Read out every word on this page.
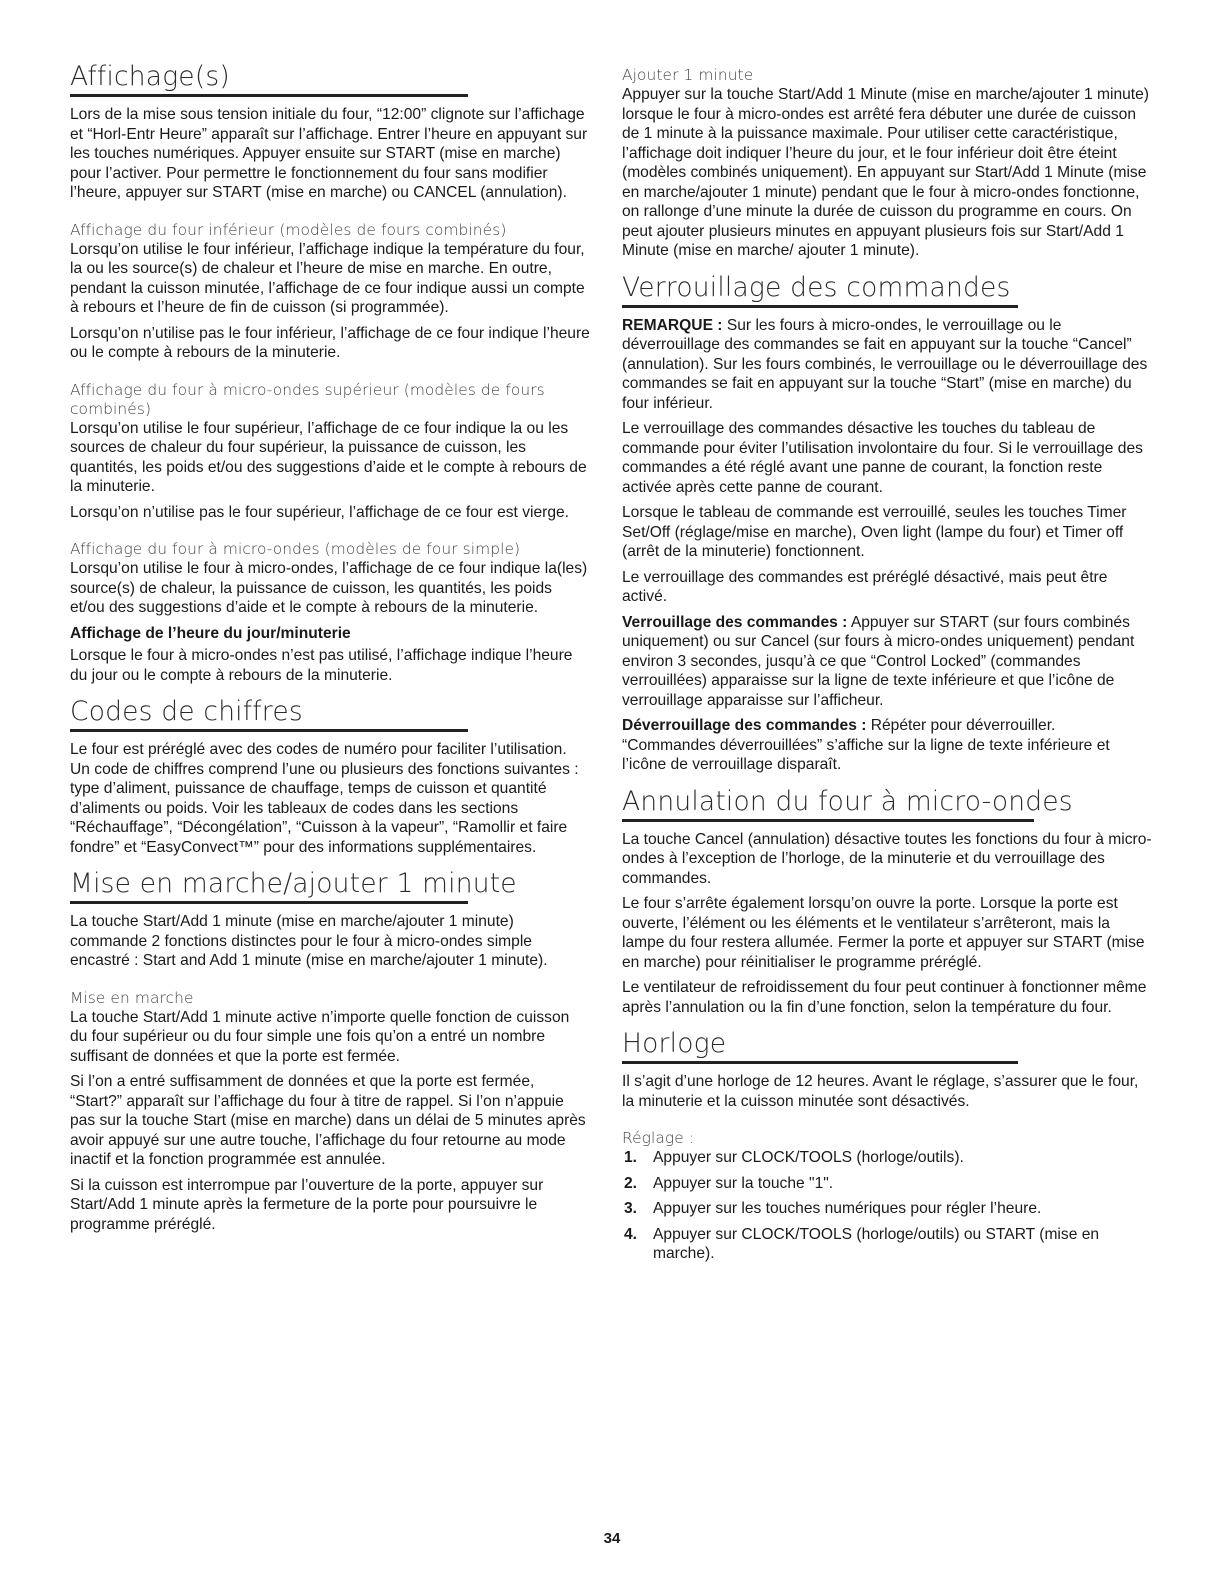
Affichage(s)

Lors de la mise sous tension initiale du four, “12:00” clignote sur l’affichage et “Horl-Entr Heure” apparaît sur l’affichage. Entrer l’heure en appuyant sur les touches numériques. Appuyer ensuite sur START (mise en marche) pour l’activer. Pour permettre le fonctionnement du four sans modifier l’heure, appuyer sur START (mise en marche) ou CANCEL (annulation).

Affichage du four inférieur (modèles de fours combinés)

Lorsqu’on utilise le four inférieur, l’affichage indique la température du four, la ou les source(s) de chaleur et l’heure de mise en marche. En outre, pendant la cuisson minutée, l’affichage de ce four indique aussi un compte à rebours et l’heure de fin de cuisson (si programmée).

Lorsqu’on n’utilise pas le four inférieur, l’affichage de ce four indique l’heure ou le compte à rebours de la minuterie.

Affichage du four à micro-ondes supérieur (modèles de fours combinés)

Lorsqu’on utilise le four supérieur, l’affichage de ce four indique la ou les sources de chaleur du four supérieur, la puissance de cuisson, les quantités, les poids et/ou des suggestions d’aide et le compte à rebours de la minuterie.

Lorsqu’on n’utilise pas le four supérieur, l’affichage de ce four est vierge.

Affichage du four à micro-ondes (modèles de four simple)

Lorsqu’on utilise le four à micro-ondes, l’affichage de ce four indique la(les) source(s) de chaleur, la puissance de cuisson, les quantités, les poids et/ou des suggestions d’aide et le compte à rebours de la minuterie.

Affichage de l’heure du jour/minuterie

Lorsque le four à micro-ondes n’est pas utilisé, l’affichage indique l’heure du jour ou le compte à rebours de la minuterie.

Codes de chiffres

Le four est préréglé avec des codes de numéro pour faciliter l’utilisation. Un code de chiffres comprend l’une ou plusieurs des fonctions suivantes : type d’aliment, puissance de chauffage, temps de cuisson et quantité d’aliments ou poids. Voir les tableaux de codes dans les sections “Réchauffage”, “Décongélation”, “Cuisson à la vapeur”, “Ramollir et faire fondre” et “EasyConvect™” pour des informations supplémentaires.

Mise en marche/ajouter 1 minute

La touche Start/Add 1 minute (mise en marche/ajouter 1 minute) commande 2 fonctions distinctes pour le four à micro-ondes simple encastré : Start and Add 1 minute (mise en marche/ajouter 1 minute).

Mise en marche

La touche Start/Add 1 minute active n’importe quelle fonction de cuisson du four supérieur ou du four simple une fois qu’on a entré un nombre suffisant de données et que la porte est fermée.

Si l’on a entré suffisamment de données et que la porte est fermée, “Start?” apparaît sur l’affichage du four à titre de rappel. Si l’on n’appuie pas sur la touche Start (mise en marche) dans un délai de 5 minutes après avoir appuyé sur une autre touche, l’affichage du four retourne au mode inactif et la fonction programmée est annulée.

Si la cuisson est interrompue par l’ouverture de la porte, appuyer sur Start/Add 1 minute après la fermeture de la porte pour poursuivre le programme préréglé.

Ajouter 1 minute

Appuyer sur la touche Start/Add 1 Minute (mise en marche/ajouter 1 minute) lorsque le four à micro-ondes est arrêté fera débuter une durée de cuisson de 1 minute à la puissance maximale. Pour utiliser cette caractéristique, l’affichage doit indiquer l’heure du jour, et le four inférieur doit être éteint (modèles combinés uniquement). En appuyant sur Start/Add 1 Minute (mise en marche/ajouter 1 minute) pendant que le four à micro-ondes fonctionne, on rallonge d’une minute la durée de cuisson du programme en cours. On peut ajouter plusieurs minutes en appuyant plusieurs fois sur Start/Add 1 Minute (mise en marche/ ajouter 1 minute).

Verrouillage des commandes

REMARQUE : Sur les fours à micro-ondes, le verrouillage ou le déverrouillage des commandes se fait en appuyant sur la touche “Cancel” (annulation). Sur les fours combinés, le verrouillage ou le déverrouillage des commandes se fait en appuyant sur la touche “Start” (mise en marche) du four inférieur.

Le verrouillage des commandes désactive les touches du tableau de commande pour éviter l’utilisation involontaire du four. Si le verrouillage des commandes a été réglé avant une panne de courant, la fonction reste activée après cette panne de courant.

Lorsque le tableau de commande est verrouillé, seules les touches Timer Set/Off (réglage/mise en marche), Oven light (lampe du four) et Timer off (arrêt de la minuterie) fonctionnent.

Le verrouillage des commandes est préréglé désactivé, mais peut être activé.

Verrouillage des commandes : Appuyer sur START (sur fours combinés uniquement) ou sur Cancel (sur fours à micro-ondes uniquement) pendant environ 3 secondes, jusqu’à ce que “Control Locked” (commandes verrouillées) apparaisse sur la ligne de texte inférieure et que l’icône de verrouillage apparaisse sur l’afficheur.

Déverrouillage des commandes : Répéter pour déverrouiller. “Commandes déverrouillées” s’affiche sur la ligne de texte inférieure et l’icône de verrouillage disparaît.

Annulation du four à micro-ondes

La touche Cancel (annulation) désactive toutes les fonctions du four à micro-ondes à l’exception de l’horloge, de la minuterie et du verrouillage des commandes.

Le four s’arrête également lorsqu’on ouvre la porte. Lorsque la porte est ouverte, l’élément ou les éléments et le ventilateur s’arrêteront, mais la lampe du four restera allumée. Fermer la porte et appuyer sur START (mise en marche) pour réinitialiser le programme préréglé.

Le ventilateur de refroidissement du four peut continuer à fonctionner même après l’annulation ou la fin d’une fonction, selon la température du four.

Horloge

Il s’agit d’une horloge de 12 heures. Avant le réglage, s’assurer que le four, la minuterie et la cuisson minutée sont désactivés.

Réglage :
1.	Appuyer sur CLOCK/TOOLS (horloge/outils).
2.	Appuyer sur la touche "1".
3.	Appuyer sur les touches numériques pour régler l’heure.
4.	Appuyer sur CLOCK/TOOLS (horloge/outils) ou START (mise en marche).
34
